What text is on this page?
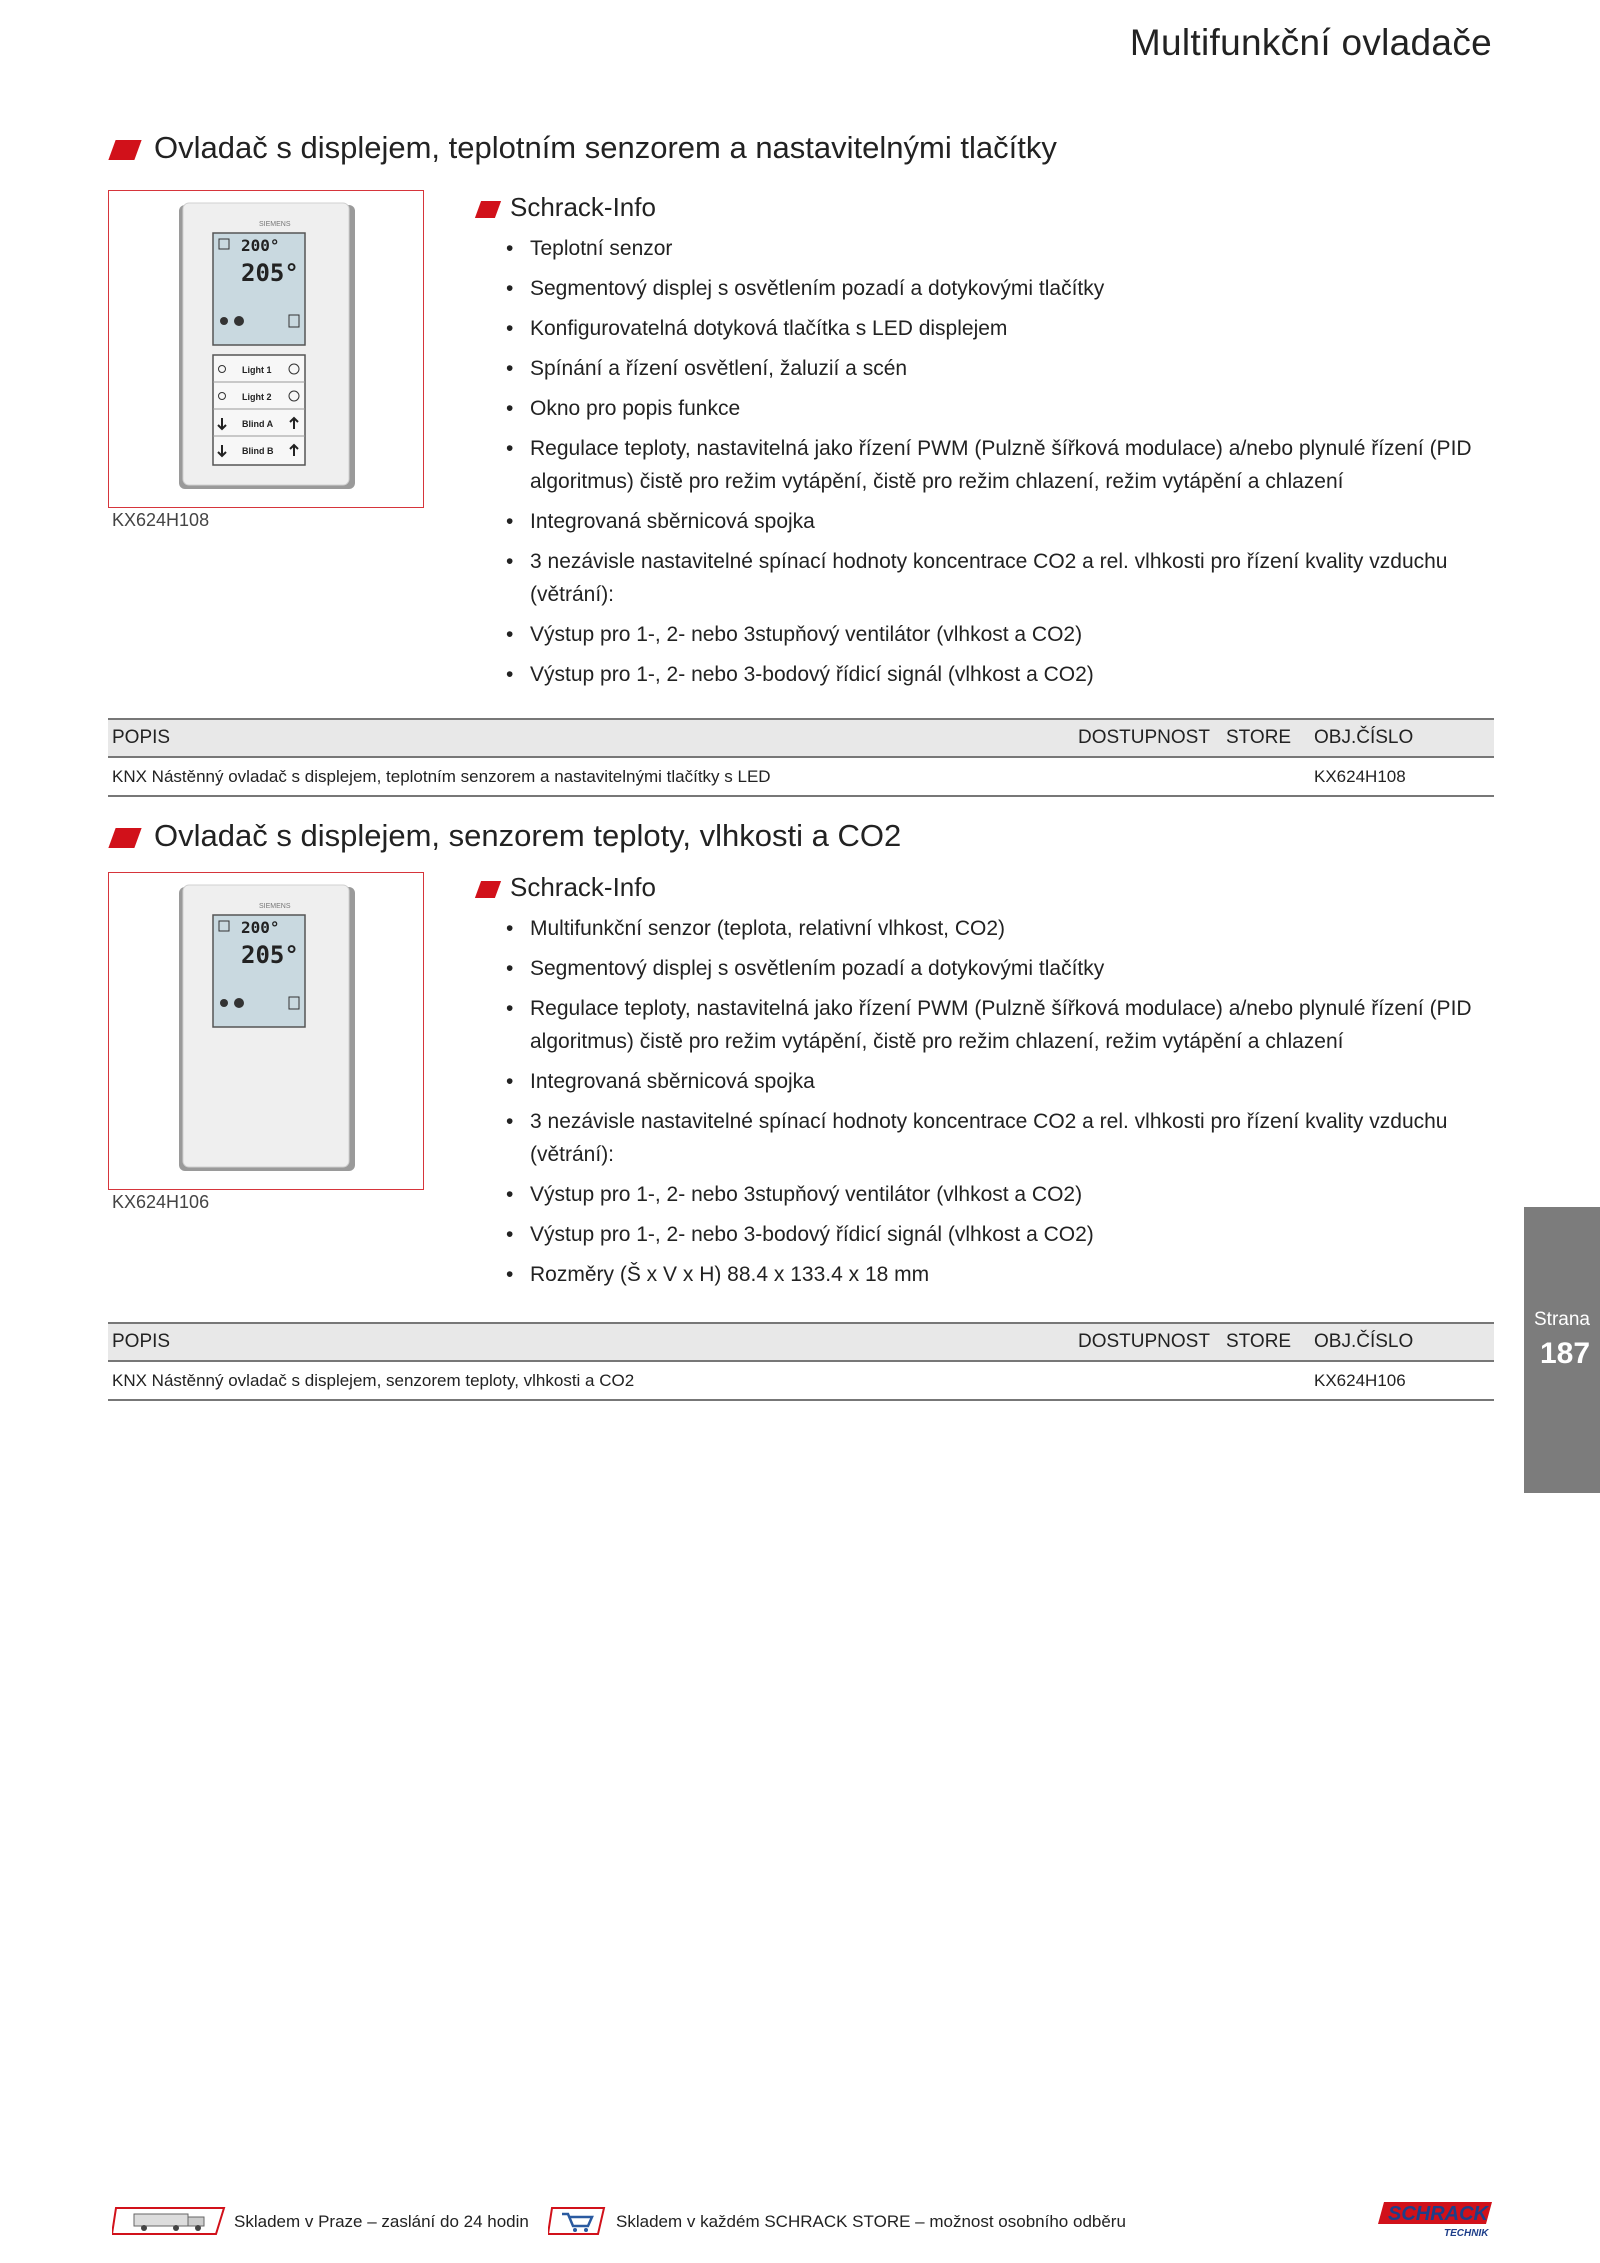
Multifunkční ovladače
Ovladač s displejem, teplotním senzorem a nastavitelnými tlačítky
SIEMENS
200°
205°
Light 1
Light 2
Blind A
Blind B
KX624H108
Schrack-Info
• Teplotní senzor
• Segmentový displej s osvětlením pozadí a dotykovými tlačítky
• Konfigurovatelná dotyková tlačítka s LED displejem
• Spínání a řízení osvětlení, žaluzií a scén
• Okno pro popis funkce
• Regulace teploty, nastavitelná jako řízení PWM (Pulzně šířková modulace) a/nebo plynulé řízení (PID algoritmus) čistě pro režim vytápění, čistě pro režim chlazení, režim vytápění a chlazení
• Integrovaná sběrnicová spojka
• 3 nezávisle nastavitelné spínací hodnoty koncentrace CO2 a rel. vlhkosti pro řízení kvality vzduchu (větrání):
• Výstup pro 1-, 2- nebo 3stupňový ventilátor (vlhkost a CO2)
• Výstup pro 1-, 2- nebo 3-bodový řídicí signál (vlhkost a CO2)
POPIS	DOSTUPNOST	STORE	OBJ.ČÍSLO
KNX Nástěnný ovladač s displejem, teplotním senzorem a nastavitelnými tlačítky s LED			KX624H108
Ovladač s displejem, senzorem teploty, vlhkosti a CO2
SIEMENS
200°
205°
KX624H106
Schrack-Info
• Multifunkční senzor (teplota, relativní vlhkost, CO2)
• Segmentový displej s osvětlením pozadí a dotykovými tlačítky
• Regulace teploty, nastavitelná jako řízení PWM (Pulzně šířková modulace) a/nebo plynulé řízení (PID algoritmus) čistě pro režim vytápění, čistě pro režim chlazení, režim vytápění a chlazení
• Integrovaná sběrnicová spojka
• 3 nezávisle nastavitelné spínací hodnoty koncentrace CO2 a rel. vlhkosti pro řízení kvality vzduchu (větrání):
• Výstup pro 1-, 2- nebo 3stupňový ventilátor (vlhkost a CO2)
• Výstup pro 1-, 2- nebo 3-bodový řídicí signál (vlhkost a CO2)
• Rozměry (Š x V x H) 88.4 x 133.4 x 18 mm
POPIS	DOSTUPNOST	STORE	OBJ.ČÍSLO
KNX Nástěnný ovladač s displejem, senzorem teploty, vlhkosti a CO2			KX624H106
Strana
187
Skladem v Praze – zaslání do 24 hodin	Skladem v každém SCHRACK STORE – možnost osobního odběru	SCHRACK
TECHNIK
